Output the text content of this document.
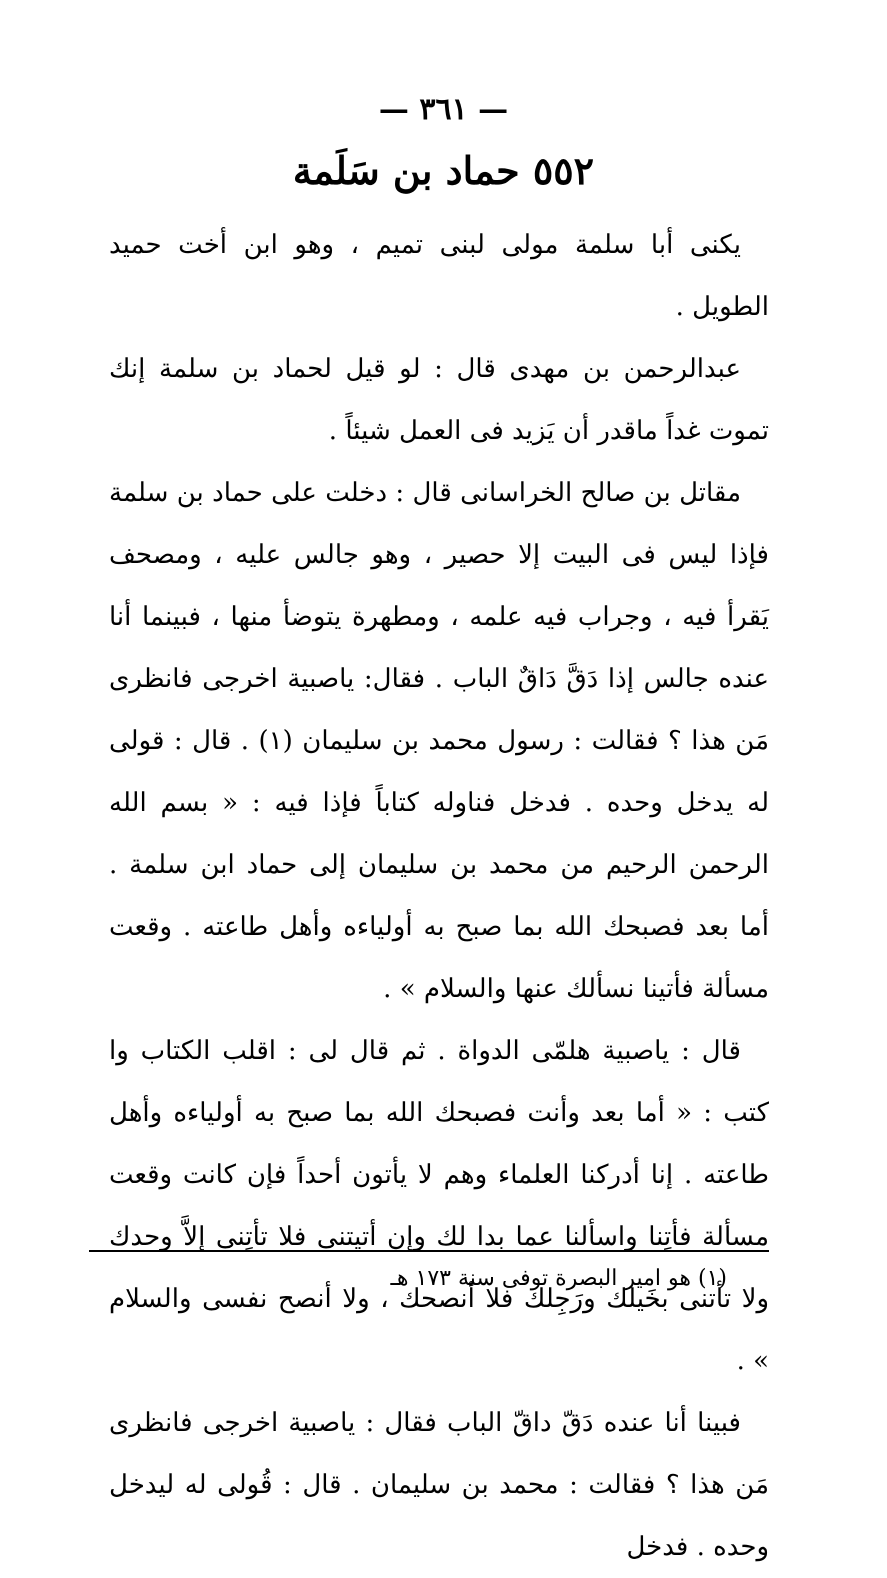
— ٣٦١ —
٥٥٢ حماد بن سَلَمة

يكنى أبا سلمة مولى لبنى تميم ، وهو ابن أخت حميد الطويل .

عبدالرحمن بن مهدى قال : لو قيل لحماد بن سلمة إنك تموت غداً ماقدر أن يَزيد فى العمل شيئاً .

مقاتل بن صالح الخراسانى قال : دخلت على حماد بن سلمة فإذا ليس فى البيت إلا حصير ، وهو جالس عليه ، ومصحف يَقرأ فيه ، وجراب فيه علمه ، ومطهرة يتوضأ منها ، فبينما أنا عنده جالس إذا دَقَّ دَاقٌ الباب . فقال: ياصبية اخرجى فانظرى مَن هذا ؟ فقالت : رسول محمد بن سليمان (١) . قال : قولى له يدخل وحده . فدخل فناوله كتاباً فإذا فيه : « بسم الله الرحمن الرحيم من محمد بن سليمان إلى حماد ابن سلمة . أما بعد فصبحك الله بما صبح به أولياءه وأهل طاعته . وقعت مسألة فأتينا نسألك عنها والسلام » .

قال : ياصبية هلمّى الدواة . ثم قال لى : اقلب الكتاب وا كتب : « أما بعد وأنت فصبحك الله بما صبح به أولياءه وأهل طاعته . إنا أدركنا العلماء وهم لا يأتون أحداً فإن كانت وقعت مسألة فأتِنا واسألنا عما بدا لك وإن أتيتنى فلا تأتِنى إلاَّ وحدك ولا تأتنى بخَيلك ورَجِلك فلا أنصحك ، ولا أنصح نفسى والسلام » .

فبينا أنا عنده دَقّ داقّ الباب فقال : ياصبية اخرجى فانظرى مَن هذا ؟ فقالت : محمد بن سليمان . قال : قُولى له ليدخل وحده . فدخل

(١) هو امير البصرة توفى سنة ١٧٣ هـ
